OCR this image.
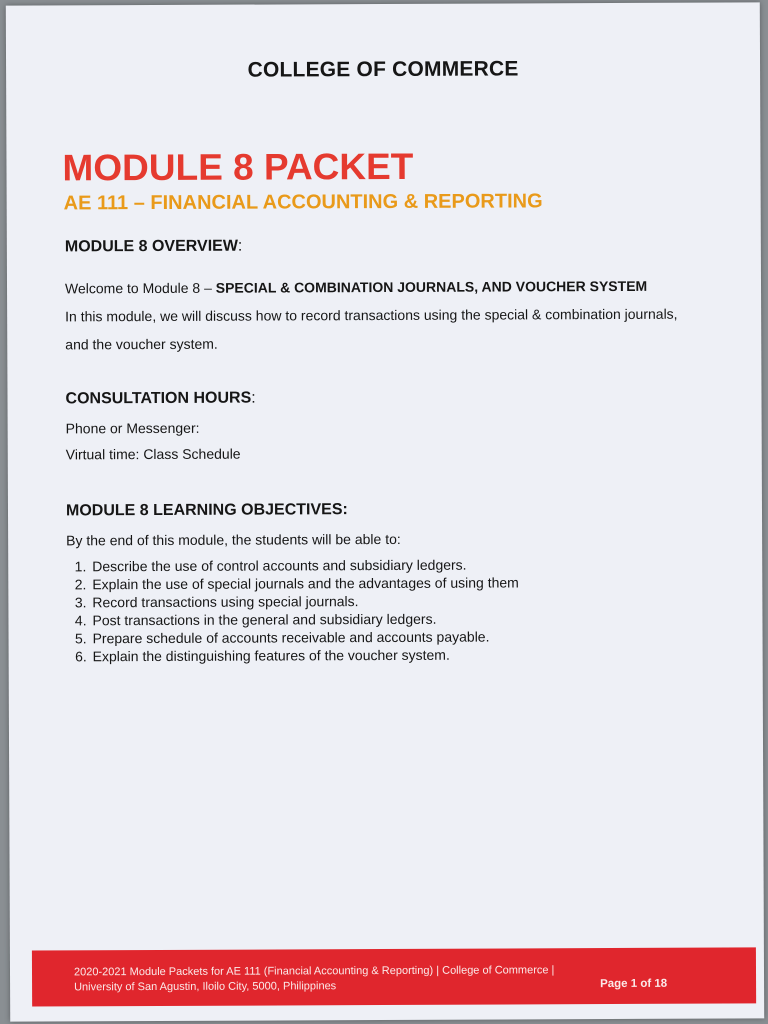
COLLEGE OF COMMERCE
MODULE 8 PACKET
AE 111 – FINANCIAL ACCOUNTING & REPORTING
MODULE 8 OVERVIEW:
Welcome to Module 8 – SPECIAL & COMBINATION JOURNALS, AND VOUCHER SYSTEM
In this module, we will discuss how to record transactions using the special & combination journals,
and the voucher system.
CONSULTATION HOURS:
Phone or Messenger:
Virtual time: Class Schedule
MODULE 8 LEARNING OBJECTIVES:
By the end of this module, the students will be able to:
1. Describe the use of control accounts and subsidiary ledgers.
2. Explain the use of special journals and the advantages of using them
3. Record transactions using special journals.
4. Post transactions in the general and subsidiary ledgers.
5. Prepare schedule of accounts receivable and accounts payable.
6. Explain the distinguishing features of the voucher system.
2020-2021 Module Packets for AE 111 (Financial Accounting & Reporting) | College of Commerce |
University of San Agustin, Iloilo City, 5000, Philippines	Page 1 of 18
